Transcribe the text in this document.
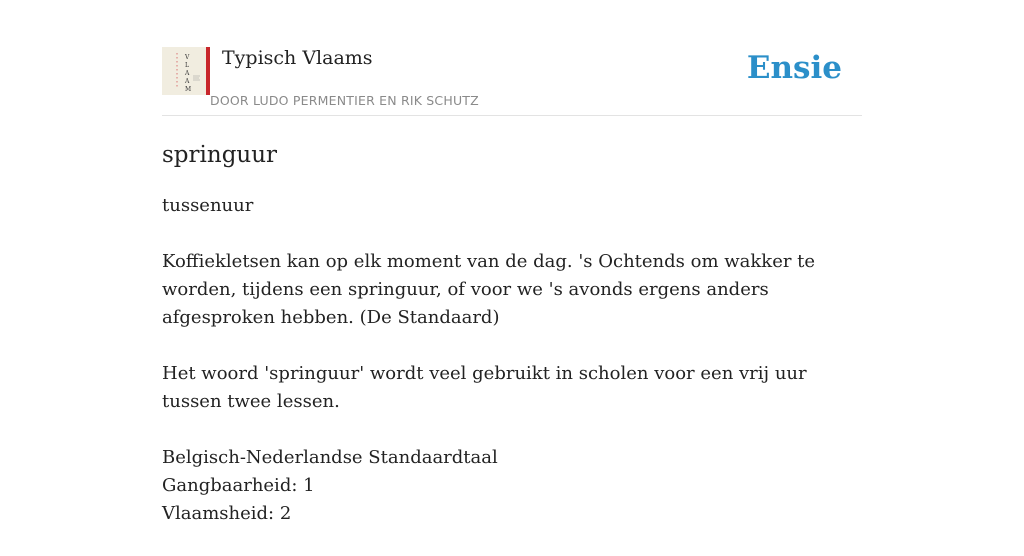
V
L
A
A
M
Typisch Vlaams
DOOR LUDO PERMENTIER EN RIK SCHUTZ
Ensie
springuur

tussenuur

Koffiekletsen kan op elk moment van de dag. 's Ochtends om wakker te worden, tijdens een springuur, of voor we 's avonds ergens anders afgesproken hebben. (De Standaard)

Het woord 'springuur' wordt veel gebruikt in scholen voor een vrij uur tussen twee lessen.

Belgisch-Nederlandse Standaardtaal
Gangbaarheid: 1
Vlaamsheid: 2
